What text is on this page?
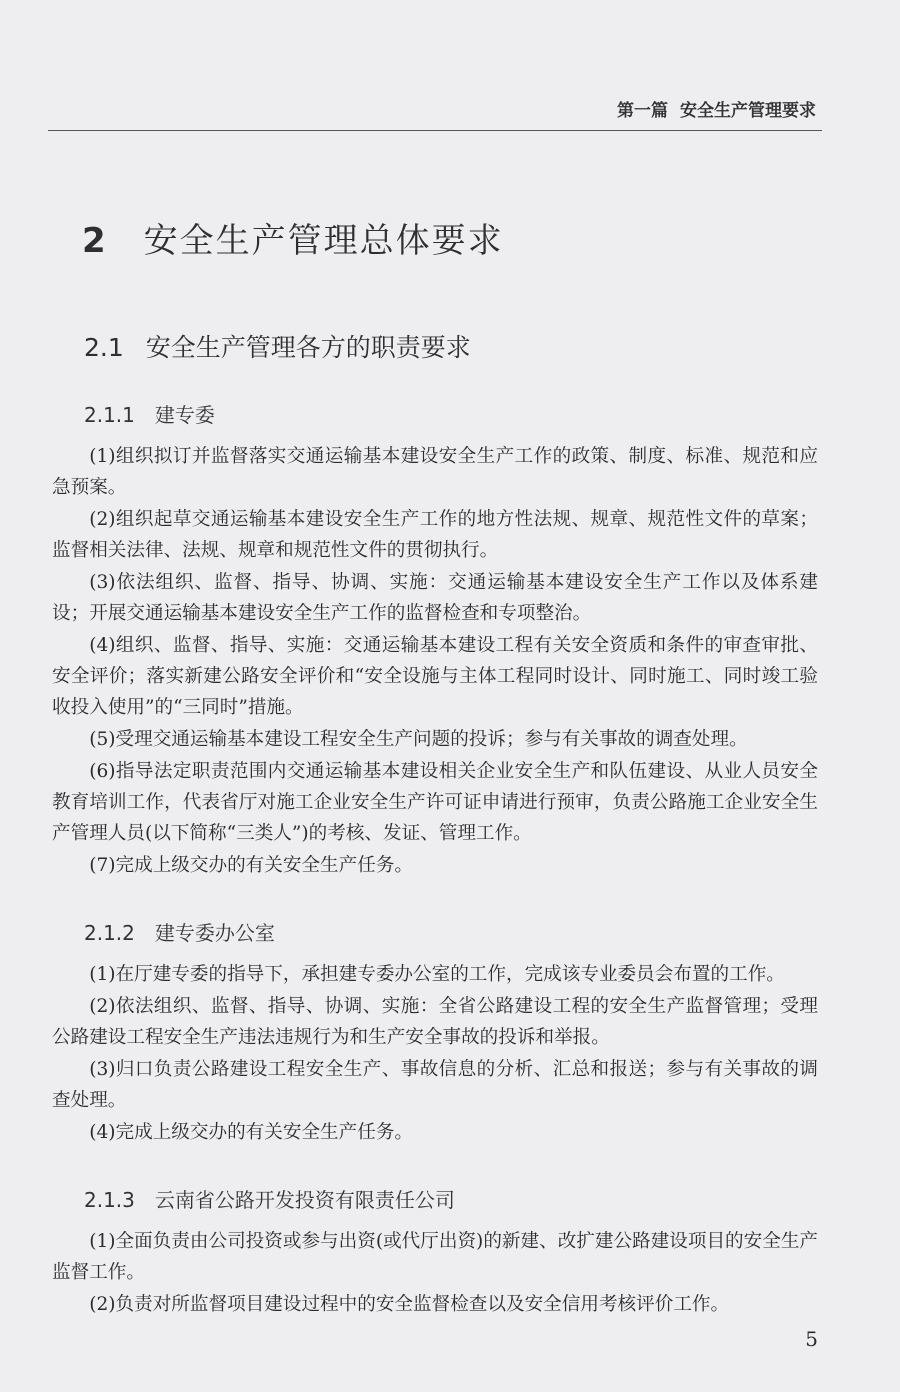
第一篇 安全生产管理要求
2 安全生产管理总体要求
2.1 安全生产管理各方的职责要求
2.1.1 建专委

(1)组织拟订并监督落实交通运输基本建设安全生产工作的政策、制度、标准、规范和应急预案。

(2)组织起草交通运输基本建设安全生产工作的地方性法规、规章、规范性文件的草案；监督相关法律、法规、规章和规范性文件的贯彻执行。

(3)依法组织、监督、指导、协调、实施：交通运输基本建设安全生产工作以及体系建设；开展交通运输基本建设安全生产工作的监督检查和专项整治。

(4)组织、监督、指导、实施：交通运输基本建设工程有关安全资质和条件的审查审批、安全评价；落实新建公路安全评价和“安全设施与主体工程同时设计、同时施工、同时竣工验收投入使用”的“三同时”措施。

(5)受理交通运输基本建设工程安全生产问题的投诉；参与有关事故的调查处理。

(6)指导法定职责范围内交通运输基本建设相关企业安全生产和队伍建设、从业人员安全教育培训工作，代表省厅对施工企业安全生产许可证申请进行预审，负责公路施工企业安全生产管理人员(以下简称“三类人”)的考核、发证、管理工作。

(7)完成上级交办的有关安全生产任务。

2.1.2 建专委办公室

(1)在厅建专委的指导下，承担建专委办公室的工作，完成该专业委员会布置的工作。

(2)依法组织、监督、指导、协调、实施：全省公路建设工程的安全生产监督管理；受理公路建设工程安全生产违法违规行为和生产安全事故的投诉和举报。

(3)归口负责公路建设工程安全生产、事故信息的分析、汇总和报送；参与有关事故的调查处理。

(4)完成上级交办的有关安全生产任务。

2.1.3 云南省公路开发投资有限责任公司

(1)全面负责由公司投资或参与出资(或代厅出资)的新建、改扩建公路建设项目的安全生产监督工作。

(2)负责对所监督项目建设过程中的安全监督检查以及安全信用考核评价工作。

5
